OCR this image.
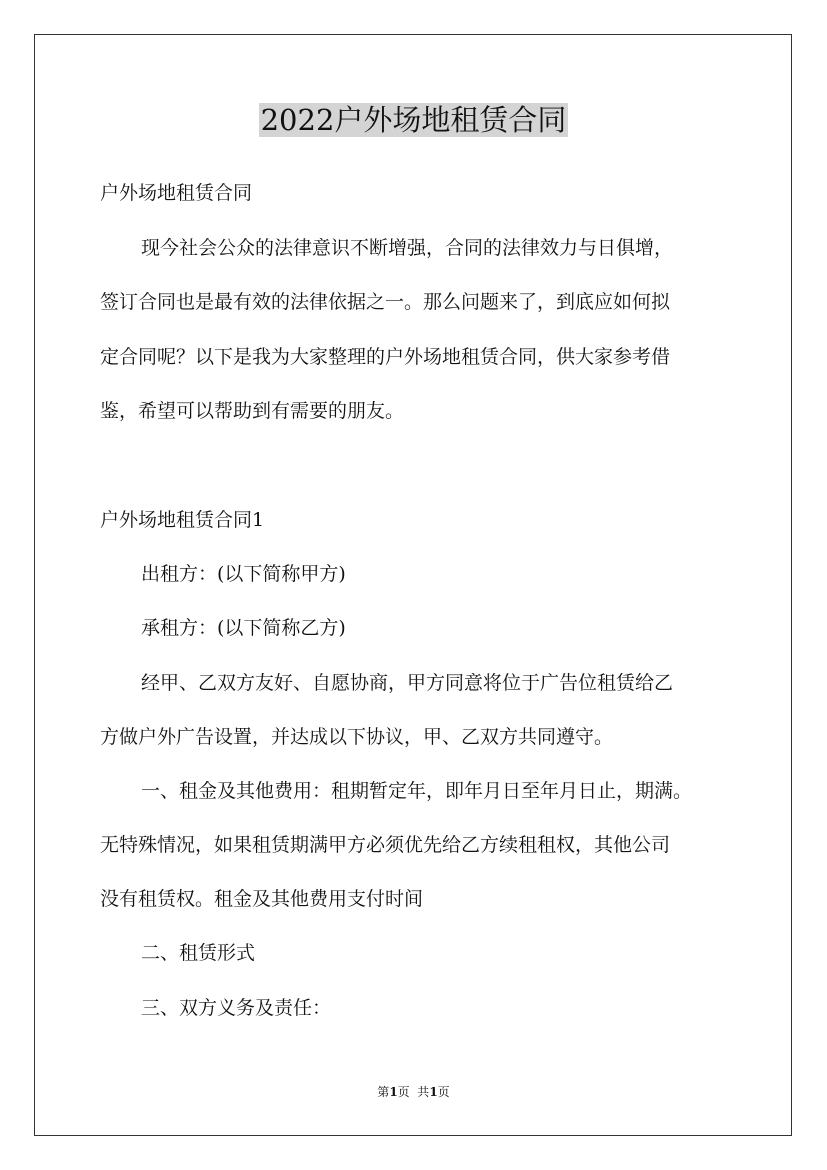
2022户外场地租赁合同

户外场地租赁合同

现今社会公众的法律意识不断增强，合同的法律效力与日俱增，

签订合同也是最有效的法律依据之一。那么问题来了，到底应如何拟

定合同呢？以下是我为大家整理的户外场地租赁合同，供大家参考借

鉴，希望可以帮助到有需要的朋友。

户外场地租赁合同1

出租方：(以下简称甲方)

承租方：(以下简称乙方)

经甲、乙双方友好、自愿协商，甲方同意将位于广告位租赁给乙

方做户外广告设置，并达成以下协议，甲、乙双方共同遵守。

一、租金及其他费用：租期暂定年，即年月日至年月日止，期满。

无特殊情况，如果租赁期满甲方必须优先给乙方续租租权，其他公司

没有租赁权。租金及其他费用支付时间

二、租赁形式

三、双方义务及责任：

第1页  共1页
